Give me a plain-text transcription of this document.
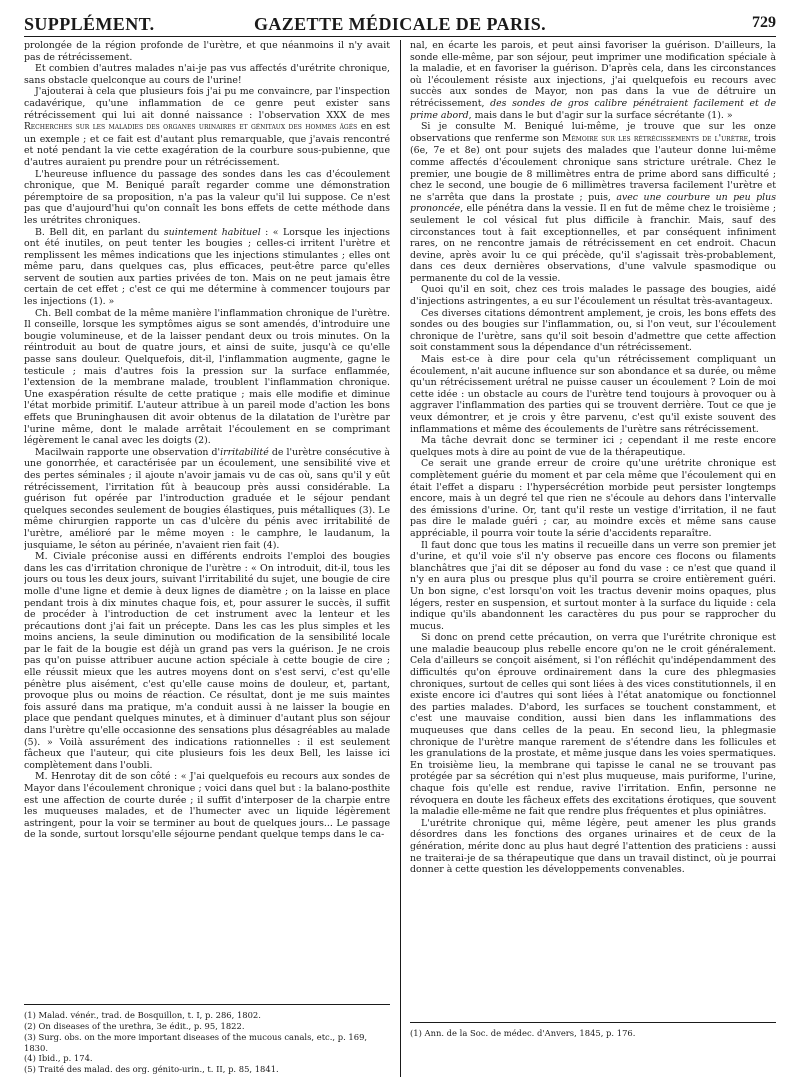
SUPPLÉMENT.	GAZETTE MÉDICALE DE PARIS.	729

prolongée de la région profonde de l'urètre, et que néanmoins il n'y avait pas de rétrécissement.

Et combien d'autres malades n'ai-je pas vus affectés d'urétrite chronique, sans obstacle quelconque au cours de l'urine!

J'ajouterai à cela que plusieurs fois j'ai pu me convaincre, par l'inspection cadavérique, qu'une inflammation de ce genre peut exister sans rétrécissement qui lui ait donné naissance : l'observation XXX de mes Recherches sur les maladies des organes urinaires et génitaux des hommes âgés en est un exemple ; et ce fait est d'autant plus remarquable, que j'avais rencontré et noté pendant la vie cette exagération de la courbure sous-pubienne, que d'autres auraient pu prendre pour un rétrécissement.

L'heureuse influence du passage des sondes dans les cas d'écoulement chronique, que M. Beniqué paraît regarder comme une démonstration péremptoire de sa proposition, n'a pas la valeur qu'il lui suppose. Ce n'est pas que d'aujourd'hui qu'on connaît les bons effets de cette méthode dans les urétrites chroniques.

B. Bell dit, en parlant du suintement habituel : « Lorsque les injections ont été inutiles, on peut tenter les bougies ; celles-ci irritent l'urètre et remplissent les mêmes indications que les injections stimulantes ; elles ont même paru, dans quelques cas, plus efficaces, peut-être parce qu'elles servent de soutien aux parties privées de ton. Mais on ne peut jamais être certain de cet effet ; c'est ce qui me détermine à commencer toujours par les injections (1). »

Ch. Bell combat de la même manière l'inflammation chronique de l'urètre. Il conseille, lorsque les symptômes aigus se sont amendés, d'introduire une bougie volumineuse, et de la laisser pendant deux ou trois minutes. On la réintroduit au bout de quatre jours, et ainsi de suite, jusqu'à ce qu'elle passe sans douleur. Quelquefois, dit-il, l'inflammation augmente, gagne le testicule ; mais d'autres fois la pression sur la surface enflammée, l'extension de la membrane malade, troublent l'inflammation chronique. Une exaspération résulte de cette pratique ; mais elle modifie et diminue l'état morbide primitif. L'auteur attribue à un pareil mode d'action les bons effets que Bruninghausen dit avoir obtenus de la dilatation de l'urètre par l'urine même, dont le malade arrêtait l'écoulement en se comprimant légèrement le canal avec les doigts (2).

Macilwain rapporte une observation d'irritabilité de l'urètre consécutive à une gonorrhée, et caractérisée par un écoulement, une sensibilité vive et des pertes séminales ; il ajoute n'avoir jamais vu de cas où, sans qu'il y eût rétrécissement, l'irritation fût à beaucoup près aussi considérable. La guérison fut opérée par l'introduction graduée et le séjour pendant quelques secondes seulement de bougies élastiques, puis métalliques (3). Le même chirurgien rapporte un cas d'ulcère du pénis avec irritabilité de l'urètre, amélioré par le même moyen : le camphre, le laudanum, la jusquiame, le séton au périnée, n'avaient rien fait (4).

M. Civiale préconise aussi en différents endroits l'emploi des bougies dans les cas d'irritation chronique de l'urètre : « On introduit, dit-il, tous les jours ou tous les deux jours, suivant l'irritabilité du sujet, une bougie de cire molle d'une ligne et demie à deux lignes de diamètre ; on la laisse en place pendant trois à dix minutes chaque fois, et, pour assurer le succès, il suffit de procéder à l'introduction de cet instrument avec la lenteur et les précautions dont j'ai fait un précepte. Dans les cas les plus simples et les moins anciens, la seule diminution ou modification de la sensibilité locale par le fait de la bougie est déjà un grand pas vers la guérison. Je ne crois pas qu'on puisse attribuer aucune action spéciale à cette bougie de cire ; elle réussit mieux que les autres moyens dont on s'est servi, c'est qu'elle pénètre plus aisément, c'est qu'elle cause moins de douleur, et, partant, provoque plus ou moins de réaction. Ce résultat, dont je me suis maintes fois assuré dans ma pratique, m'a conduit aussi à ne laisser la bougie en place que pendant quelques minutes, et à diminuer d'autant plus son séjour dans l'urètre qu'elle occasionne des sensations plus désagréables au malade (5). » Voilà assurément des indications rationnelles : il est seulement fâcheux que l'auteur, qui cite plusieurs fois les deux Bell, les laisse ici complètement dans l'oubli.

M. Henrotay dit de son côté : « J'ai quelquefois eu recours aux sondes de Mayor dans l'écoulement chronique ; voici dans quel but : la balano-posthite est une affection de courte durée ; il suffit d'interposer de la charpie entre les muqueuses malades, et de l'humecter avec un liquide légèrement astringent, pour la voir se terminer au bout de quelques jours... Le passage de la sonde, surtout lorsqu'elle séjourne pendant quelque temps dans le ca-

(1) Malad. vénér., trad. de Bosquillon, t. I, p. 286, 1802.

(2) On diseases of the urethra, 3e édit., p. 95, 1822.

(3) Surg. obs. on the more important diseases of the mucous canals, etc., p. 169, 1830.

(4) Ibid., p. 174.

(5) Traité des malad. des org. génito-urin., t. II, p. 85, 1841.

nal, en écarte les parois, et peut ainsi favoriser la guérison. D'ailleurs, la sonde elle-même, par son séjour, peut imprimer une modification spéciale à la maladie, et en favoriser la guérison. D'après cela, dans les circonstances où l'écoulement résiste aux injections, j'ai quelquefois eu recours avec succès aux sondes de Mayor, non pas dans la vue de détruire un rétrécissement, des sondes de gros calibre pénétraient facilement et de prime abord, mais dans le but d'agir sur la surface sécrétante (1). »

Si je consulte M. Beniqué lui-même, je trouve que sur les onze observations que renferme son Mémoire sur les rétrécissements de l'urètre, trois (6e, 7e et 8e) ont pour sujets des malades que l'auteur donne lui-même comme affectés d'écoulement chronique sans stricture urétrale. Chez le premier, une bougie de 8 millimètres entra de prime abord sans difficulté ; chez le second, une bougie de 6 millimètres traversa facilement l'urètre et ne s'arrêta que dans la prostate ; puis, avec une courbure un peu plus prononcée, elle pénétra dans la vessie. Il en fut de même chez le troisième ; seulement le col vésical fut plus difficile à franchir. Mais, sauf des circonstances tout à fait exceptionnelles, et par conséquent infiniment rares, on ne rencontre jamais de rétrécissement en cet endroit. Chacun devine, après avoir lu ce qui précède, qu'il s'agissait très-probablement, dans ces deux dernières observations, d'une valvule spasmodique ou permanente du col de la vessie.

Quoi qu'il en soit, chez ces trois malades le passage des bougies, aidé d'injections astringentes, a eu sur l'écoulement un résultat très-avantageux.

Ces diverses citations démontrent amplement, je crois, les bons effets des sondes ou des bougies sur l'inflammation, ou, si l'on veut, sur l'écoulement chronique de l'urètre, sans qu'il soit besoin d'admettre que cette affection soit constamment sous la dépendance d'un rétrécissement.

Mais est-ce à dire pour cela qu'un rétrécissement compliquant un écoulement, n'ait aucune influence sur son abondance et sa durée, ou même qu'un rétrécissement urétral ne puisse causer un écoulement ? Loin de moi cette idée : un obstacle au cours de l'urètre tend toujours à provoquer ou à aggraver l'inflammation des parties qui se trouvent derrière. Tout ce que je veux démontrer, et je crois y être parvenu, c'est qu'il existe souvent des inflammations et même des écoulements de l'urètre sans rétrécissement.

Ma tâche devrait donc se terminer ici ; cependant il me reste encore quelques mots à dire au point de vue de la thérapeutique.

Ce serait une grande erreur de croire qu'une urétrite chronique est complètement guérie du moment et par cela même que l'écoulement qui en était l'effet a disparu : l'hypersécrétion morbide peut persister longtemps encore, mais à un degré tel que rien ne s'écoule au dehors dans l'intervalle des émissions d'urine. Or, tant qu'il reste un vestige d'irritation, il ne faut pas dire le malade guéri ; car, au moindre excès et même sans cause appréciable, il pourra voir toute la série d'accidents reparaître.

Il faut donc que tous les matins il recueille dans un verre son premier jet d'urine, et qu'il voie s'il n'y observe pas encore ces flocons ou filaments blanchâtres que j'ai dit se déposer au fond du vase : ce n'est que quand il n'y en aura plus ou presque plus qu'il pourra se croire entièrement guéri. Un bon signe, c'est lorsqu'on voit les tractus devenir moins opaques, plus légers, rester en suspension, et surtout monter à la surface du liquide : cela indique qu'ils abandonnent les caractères du pus pour se rapprocher du mucus.

Si donc on prend cette précaution, on verra que l'urétrite chronique est une maladie beaucoup plus rebelle encore qu'on ne le croit généralement. Cela d'ailleurs se conçoit aisément, si l'on réfléchit qu'indépendamment des difficultés qu'on éprouve ordinairement dans la cure des phlegmasies chroniques, surtout de celles qui sont liées à des vices constitutionnels, il en existe encore ici d'autres qui sont liées à l'état anatomique ou fonctionnel des parties malades. D'abord, les surfaces se touchent constamment, et c'est une mauvaise condition, aussi bien dans les inflammations des muqueuses que dans celles de la peau. En second lieu, la phlegmasie chronique de l'urètre manque rarement de s'étendre dans les follicules et les granulations de la prostate, et même jusque dans les voies spermatiques. En troisième lieu, la membrane qui tapisse le canal ne se trouvant pas protégée par sa sécrétion qui n'est plus muqueuse, mais puriforme, l'urine, chaque fois qu'elle est rendue, ravive l'irritation. Enfin, personne ne révoquera en doute les fâcheux effets des excitations érotiques, que souvent la maladie elle-même ne fait que rendre plus fréquentes et plus opiniâtres.

L'urétrite chronique qui, même légère, peut amener les plus grands désordres dans les fonctions des organes urinaires et de ceux de la génération, mérite donc au plus haut degré l'attention des praticiens : aussi ne traiterai-je de sa thérapeutique que dans un travail distinct, où je pourrai donner à cette question les développements convenables.

(1) Ann. de la Soc. de médec. d'Anvers, 1845, p. 176.
